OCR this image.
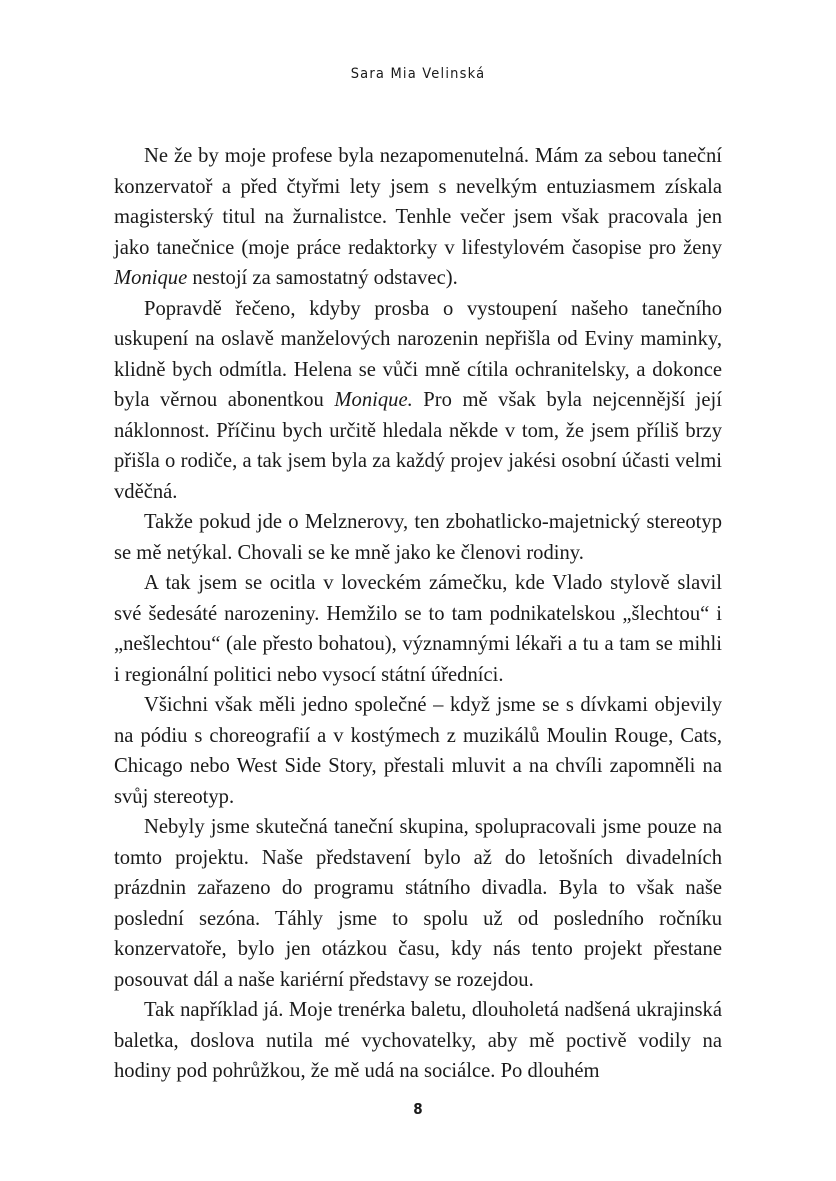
Sara Mia Velinská

Ne že by moje profese byla nezapomenutelná. Mám za sebou taneční konzervatoř a před čtyřmi lety jsem s nevelkým entuziasmem získala magisterský titul na žurnalistce. Tenhle večer jsem však pracovala jen jako tanečnice (moje práce redaktorky v lifestylovém časopise pro ženy Monique nestojí za samostatný odstavec).

Popravdě řečeno, kdyby prosba o vystoupení našeho tanečního uskupení na oslavě manželových narozenin nepřišla od Eviny maminky, klidně bych odmítla. Helena se vůči mně cítila ochranitelsky, a dokonce byla věrnou abonentkou Monique. Pro mě však byla nejcennější její náklonnost. Příčinu bych určitě hledala někde v tom, že jsem příliš brzy přišla o rodiče, a tak jsem byla za každý projev jakési osobní účasti velmi vděčná.

Takže pokud jde o Melznerovy, ten zbohatlicko-majetnický stereotyp se mě netýkal. Chovali se ke mně jako ke členovi rodiny.

A tak jsem se ocitla v loveckém zámečku, kde Vlado stylově slavil své šedesáté narozeniny. Hemžilo se to tam podnikatelskou „šlechtou“ i „nešlechtou“ (ale přesto bohatou), významnými lékaři a tu a tam se mihli i regionální politici nebo vysocí státní úředníci.

Všichni však měli jedno společné – když jsme se s dívkami objevily na pódiu s choreografií a v kostýmech z muzikálů Moulin Rouge, Cats, Chicago nebo West Side Story, přestali mluvit a na chvíli zapomněli na svůj stereotyp.

Nebyly jsme skutečná taneční skupina, spolupracovali jsme pouze na tomto projektu. Naše představení bylo až do letošních divadelních prázdnin zařazeno do programu státního divadla. Byla to však naše poslední sezóna. Táhly jsme to spolu už od posledního ročníku konzervatoře, bylo jen otázkou času, kdy nás tento projekt přestane posouvat dál a naše kariérní představy se rozejdou.

Tak například já. Moje trenérka baletu, dlouholetá nadšená ukrajinská baletka, doslova nutila mé vychovatelky, aby mě poctivě vodily na hodiny pod pohrůžkou, že mě udá na sociálce. Po dlouhém

8
